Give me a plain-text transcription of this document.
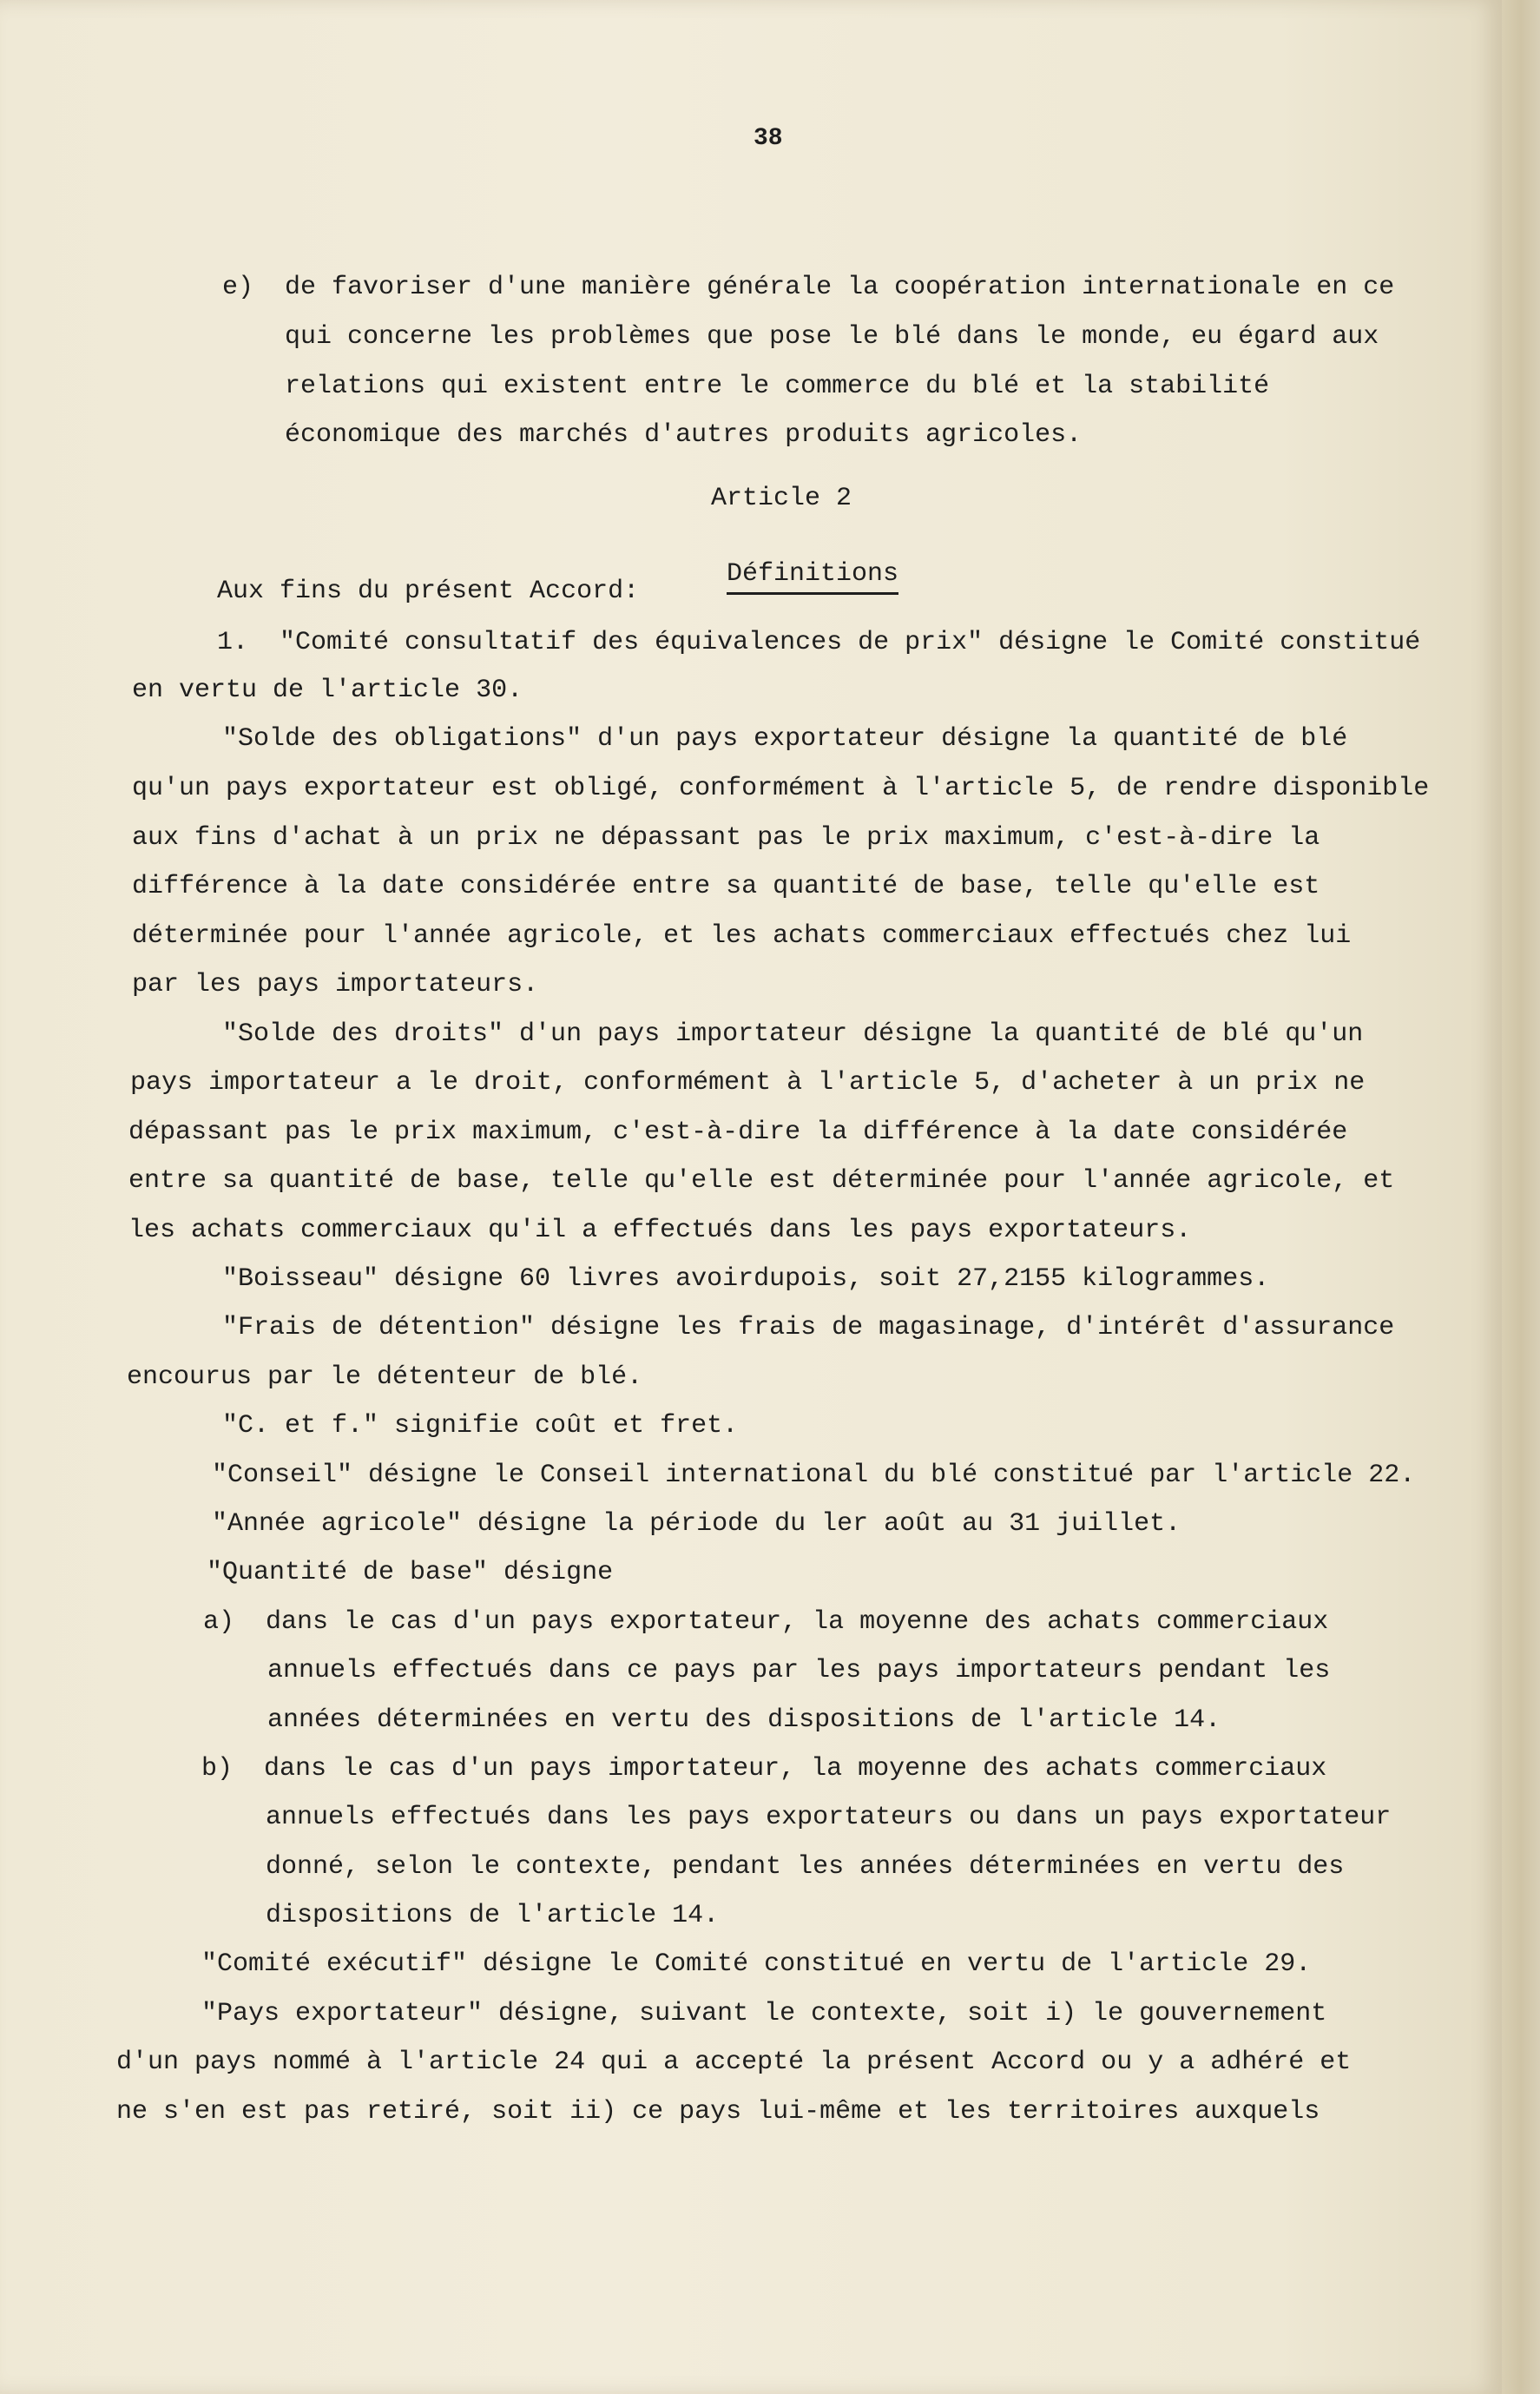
38
e) de favoriser d'une manière générale la coopération internationale en ce
qui concerne les problèmes que pose le blé dans le monde, eu égard aux
relations qui existent entre le commerce du blé et la stabilité
économique des marchés d'autres produits agricoles.
Article 2

Définitions

Aux fins du présent Accord:
1.  "Comité consultatif des équivalences de prix" désigne le Comité constitué
en vertu de l'article 30.
"Solde des obligations" d'un pays exportateur désigne la quantité de blé
qu'un pays exportateur est obligé, conformément à l'article 5, de rendre disponible
aux fins d'achat à un prix ne dépassant pas le prix maximum, c'est-à-dire la
différence à la date considérée entre sa quantité de base, telle qu'elle est
déterminée pour l'année agricole, et les achats commerciaux effectués chez lui
par les pays importateurs.
"Solde des droits" d'un pays importateur désigne la quantité de blé qu'un
pays importateur a le droit, conformément à l'article 5, d'acheter à un prix ne
dépassant pas le prix maximum, c'est-à-dire la différence à la date considérée
entre sa quantité de base, telle qu'elle est déterminée pour l'année agricole, et
les achats commerciaux qu'il a effectués dans les pays exportateurs.
"Boisseau" désigne 60 livres avoirdupois, soit 27,2155 kilogrammes.
"Frais de détention" désigne les frais de magasinage, d'intérêt d'assurance
encourus par le détenteur de blé.
"C. et f." signifie coût et fret.
"Conseil" désigne le Conseil international du blé constitué par l'article 22.
"Année agricole" désigne la période du ler août au 31 juillet.
"Quantité de base" désigne
a)  dans le cas d'un pays exportateur, la moyenne des achats commerciaux
annuels effectués dans ce pays par les pays importateurs pendant les
années déterminées en vertu des dispositions de l'article 14.
b)  dans le cas d'un pays importateur, la moyenne des achats commerciaux
annuels effectués dans les pays exportateurs ou dans un pays exportateur
donné, selon le contexte, pendant les années déterminées en vertu des
dispositions de l'article 14.
"Comité exécutif" désigne le Comité constitué en vertu de l'article 29.
"Pays exportateur" désigne, suivant le contexte, soit i) le gouvernement
d'un pays nommé à l'article 24 qui a accepté la présent Accord ou y a adhéré et
ne s'en est pas retiré, soit ii) ce pays lui-même et les territoires auxquels
